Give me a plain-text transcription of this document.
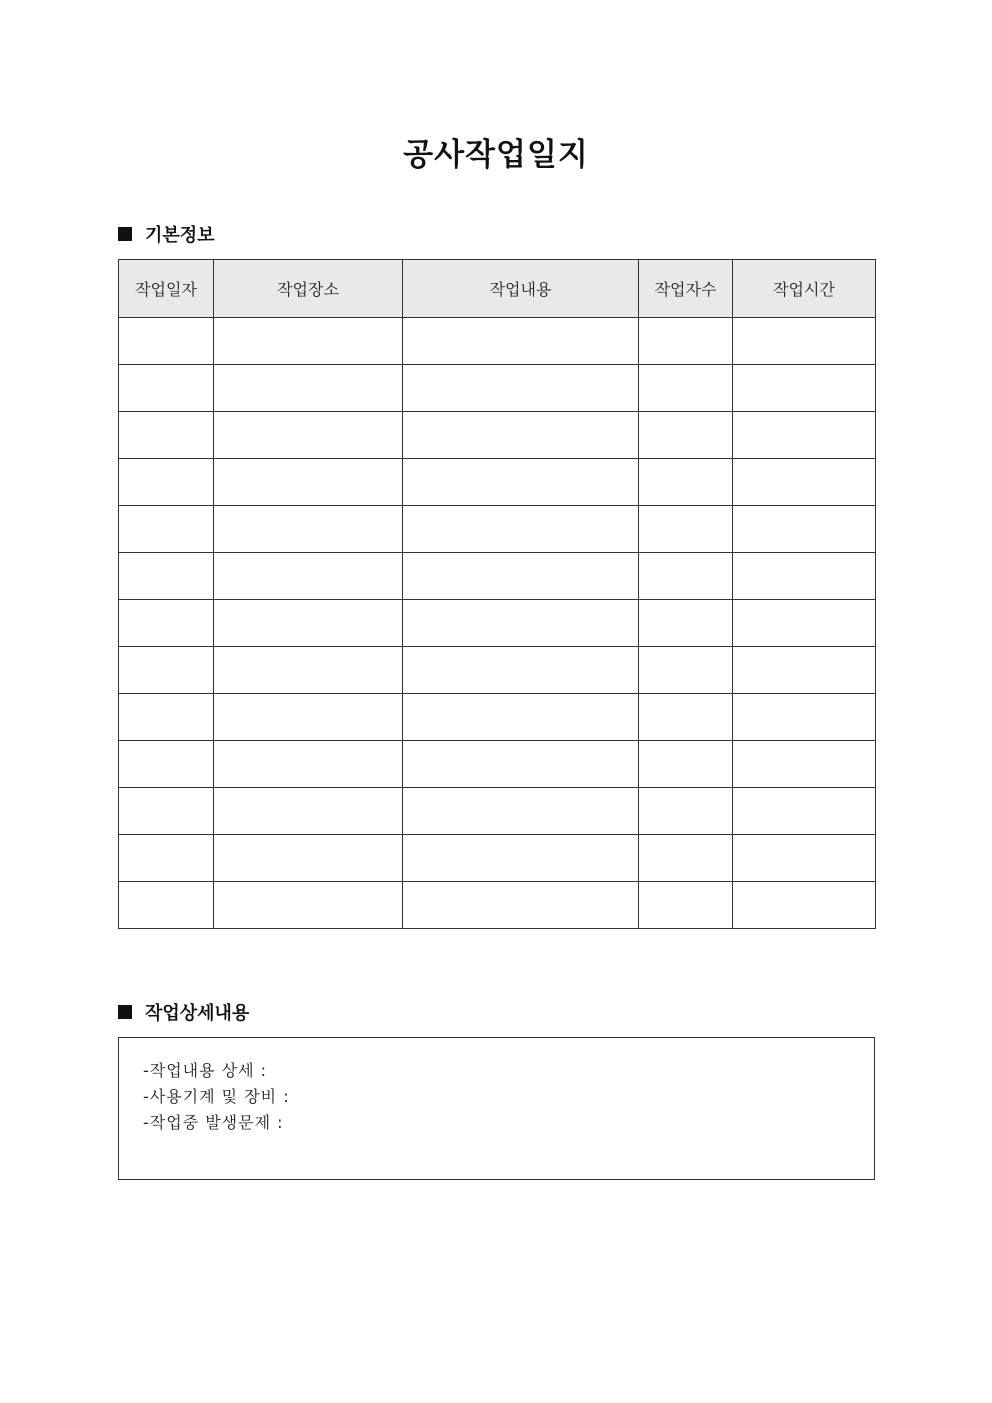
공사작업일지
기본정보
작업일자	작업장소	작업내용	작업자수	작업시간

작업상세내용
-작업내용 상세 :
-사용기계 및 장비 :
-작업중 발생문제 :
